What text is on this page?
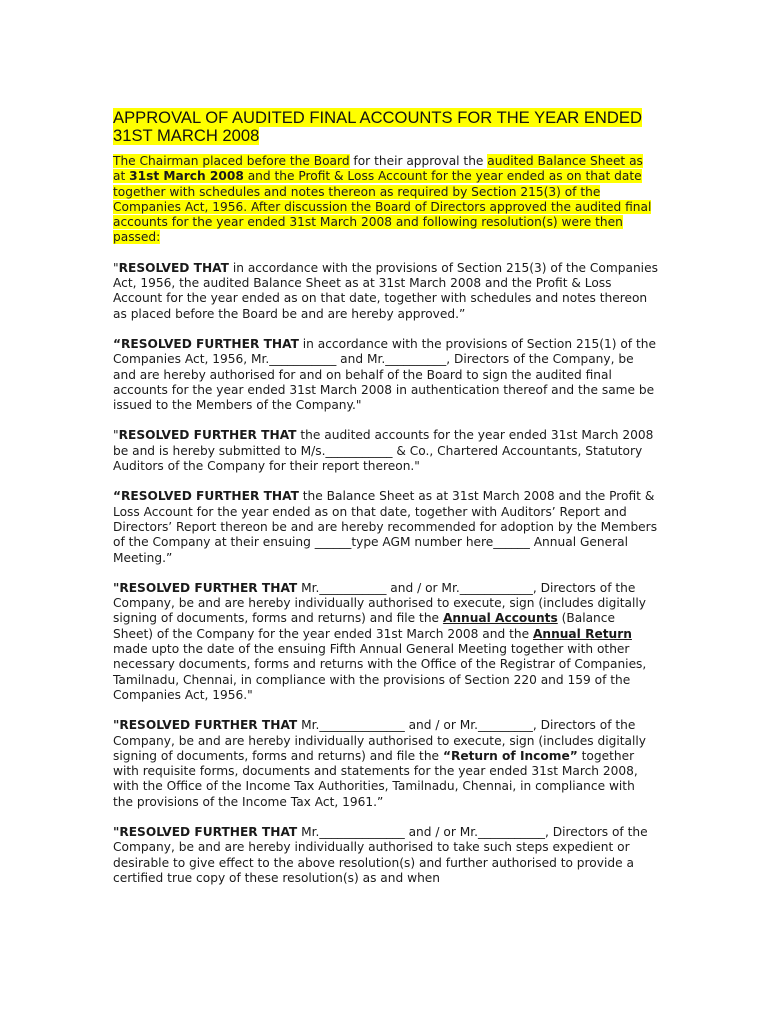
APPROVAL OF AUDITED FINAL ACCOUNTS FOR THE YEAR ENDED 31ST MARCH 2008

The Chairman placed before the Board for their approval the audited Balance Sheet as at 31st March 2008 and the Profit & Loss Account for the year ended as on that date together with schedules and notes thereon as required by Section 215(3) of the Companies Act, 1956. After discussion the Board of Directors approved the audited final accounts for the year ended 31st March 2008 and following resolution(s) were then passed:

"RESOLVED THAT in accordance with the provisions of Section 215(3) of the Companies Act, 1956, the audited Balance Sheet as at 31st March 2008 and the Profit & Loss Account for the year ended as on that date, together with schedules and notes thereon as placed before the Board be and are hereby approved.”

“RESOLVED FURTHER THAT in accordance with the provisions of Section 215(1) of the Companies Act, 1956, Mr.___________ and Mr.__________, Directors of the Company, be and are hereby authorised for and on behalf of the Board to sign the audited final accounts for the year ended 31st March 2008 in authentication thereof and the same be issued to the Members of the Company."

"RESOLVED FURTHER THAT the audited accounts for the year ended 31st March 2008 be and is hereby submitted to M/s.___________ & Co., Chartered Accountants, Statutory Auditors of the Company for their report thereon."

“RESOLVED FURTHER THAT the Balance Sheet as at 31st March 2008 and the Profit & Loss Account for the year ended as on that date, together with Auditors’ Report and Directors’ Report thereon be and are hereby recommended for adoption by the Members of the Company at their ensuing ______type AGM number here______ Annual General Meeting.”

"RESOLVED FURTHER THAT Mr.___________ and / or Mr.____________, Directors of the Company, be and are hereby individually authorised to execute, sign (includes digitally signing of documents, forms and returns) and file the Annual Accounts (Balance Sheet) of the Company for the year ended 31st March 2008 and the Annual Return made upto the date of the ensuing Fifth Annual General Meeting together with other necessary documents, forms and returns with the Office of the Registrar of Companies, Tamilnadu, Chennai, in compliance with the provisions of Section 220 and 159 of the Companies Act, 1956."

"RESOLVED FURTHER THAT Mr.______________ and / or Mr._________, Directors of the Company, be and are hereby individually authorised to execute, sign (includes digitally signing of documents, forms and returns) and file the “Return of Income” together with requisite forms, documents and statements for the year ended 31st March 2008, with the Office of the Income Tax Authorities, Tamilnadu, Chennai, in compliance with the provisions of the Income Tax Act, 1961.”

"RESOLVED FURTHER THAT Mr.______________ and / or Mr.___________, Directors of the Company, be and are hereby individually authorised to take such steps expedient or desirable to give effect to the above resolution(s) and further authorised to provide a certified true copy of these resolution(s) as and when
